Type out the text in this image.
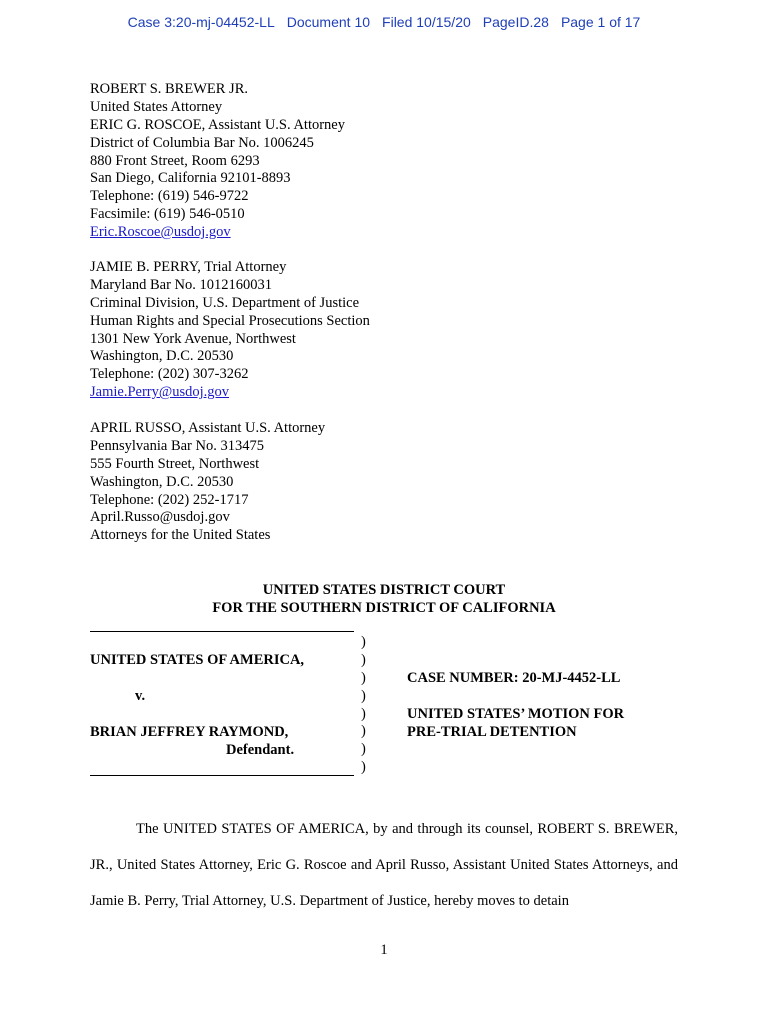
Case 3:20-mj-04452-LL Document 10 Filed 10/15/20 PageID.28 Page 1 of 17
ROBERT S. BREWER JR.
United States Attorney
ERIC G. ROSCOE, Assistant U.S. Attorney
District of Columbia Bar No. 1006245
880 Front Street, Room 6293
San Diego, California 92101-8893
Telephone: (619) 546-9722
Facsimile: (619) 546-0510
Eric.Roscoe@usdoj.gov
JAMIE B. PERRY, Trial Attorney
Maryland Bar No. 1012160031
Criminal Division, U.S. Department of Justice
Human Rights and Special Prosecutions Section
1301 New York Avenue, Northwest
Washington, D.C. 20530
Telephone: (202) 307-3262
Jamie.Perry@usdoj.gov
APRIL RUSSO, Assistant U.S. Attorney
Pennsylvania Bar No. 313475
555 Fourth Street, Northwest
Washington, D.C. 20530
Telephone: (202) 252-1717
April.Russo@usdoj.gov
Attorneys for the United States
UNITED STATES DISTRICT COURT
FOR THE SOUTHERN DISTRICT OF CALIFORNIA
)
)
)
)
)
)
)
)
UNITED STATES OF AMERICA,
v.
BRIAN JEFFREY RAYMOND,
Defendant.
CASE NUMBER: 20-MJ-4452-LL
UNITED STATES’ MOTION FOR
PRE-TRIAL DETENTION
The UNITED STATES OF AMERICA, by and through its counsel, ROBERT S. BREWER, JR., United States Attorney, Eric G. Roscoe and April Russo, Assistant United States Attorneys, and Jamie B. Perry, Trial Attorney, U.S. Department of Justice, hereby moves to detain
1
